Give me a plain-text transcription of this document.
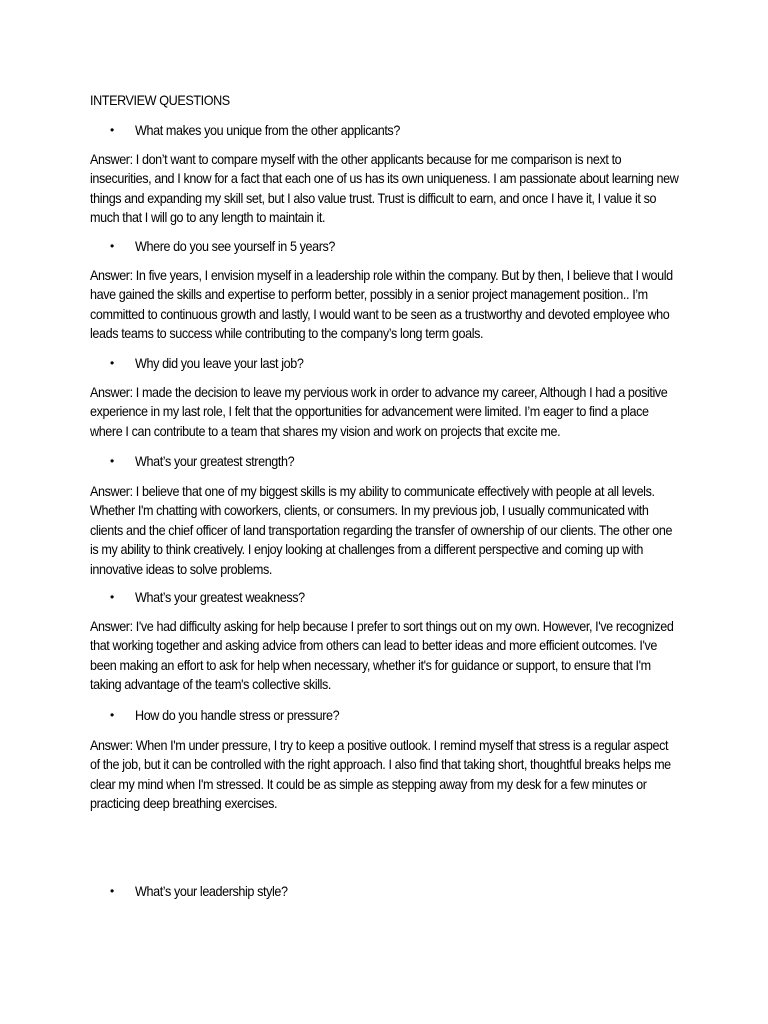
INTERVIEW QUESTIONS
•	What makes you unique from the other applicants?
Answer: I don’t want to compare myself with the other applicants because for me comparison is next to insecurities, and I know for a fact that each one of us has its own uniqueness. I am passionate about learning new things and expanding my skill set, but I also value trust. Trust is difficult to earn, and once I have it, I value it so much that I will go to any length to maintain it.
•	Where do you see yourself in 5 years?
Answer: In five years, I envision myself in a leadership role within the company. But by then, I believe that I would have gained the skills and expertise to perform better, possibly in a senior project management position.. I’m committed to continuous growth and lastly, I would want to be seen as a trustworthy and devoted employee who leads teams to success while contributing to the company’s long term goals.
•	Why did you leave your last job?
Answer: I made the decision to leave my pervious work in order to advance my career, Although I had a positive experience in my last role, I felt that the opportunities for advancement were limited. I’m eager to find a place where I can contribute to a team that shares my vision and work on projects that excite me.
•	What’s your greatest strength?
Answer: I believe that one of my biggest skills is my ability to communicate effectively with people at all levels. Whether I'm chatting with coworkers, clients, or consumers. In my previous job, I usually communicated with clients and the chief officer of land transportation regarding the transfer of ownership of our clients. The other one is my ability to think creatively. I enjoy looking at challenges from a different perspective and coming up with innovative ideas to solve problems.
•	What’s your greatest weakness?
Answer: I've had difficulty asking for help because I prefer to sort things out on my own. However, I've recognized that working together and asking advice from others can lead to better ideas and more efficient outcomes. I've been making an effort to ask for help when necessary, whether it's for guidance or support, to ensure that I'm taking advantage of the team's collective skills.
•	How do you handle stress or pressure?
Answer: When I'm under pressure, I try to keep a positive outlook. I remind myself that stress is a regular aspect of the job, but it can be controlled with the right approach. I also find that taking short, thoughtful breaks helps me clear my mind when I'm stressed. It could be as simple as stepping away from my desk for a few minutes or practicing deep breathing exercises.
•	What’s your leadership style?
